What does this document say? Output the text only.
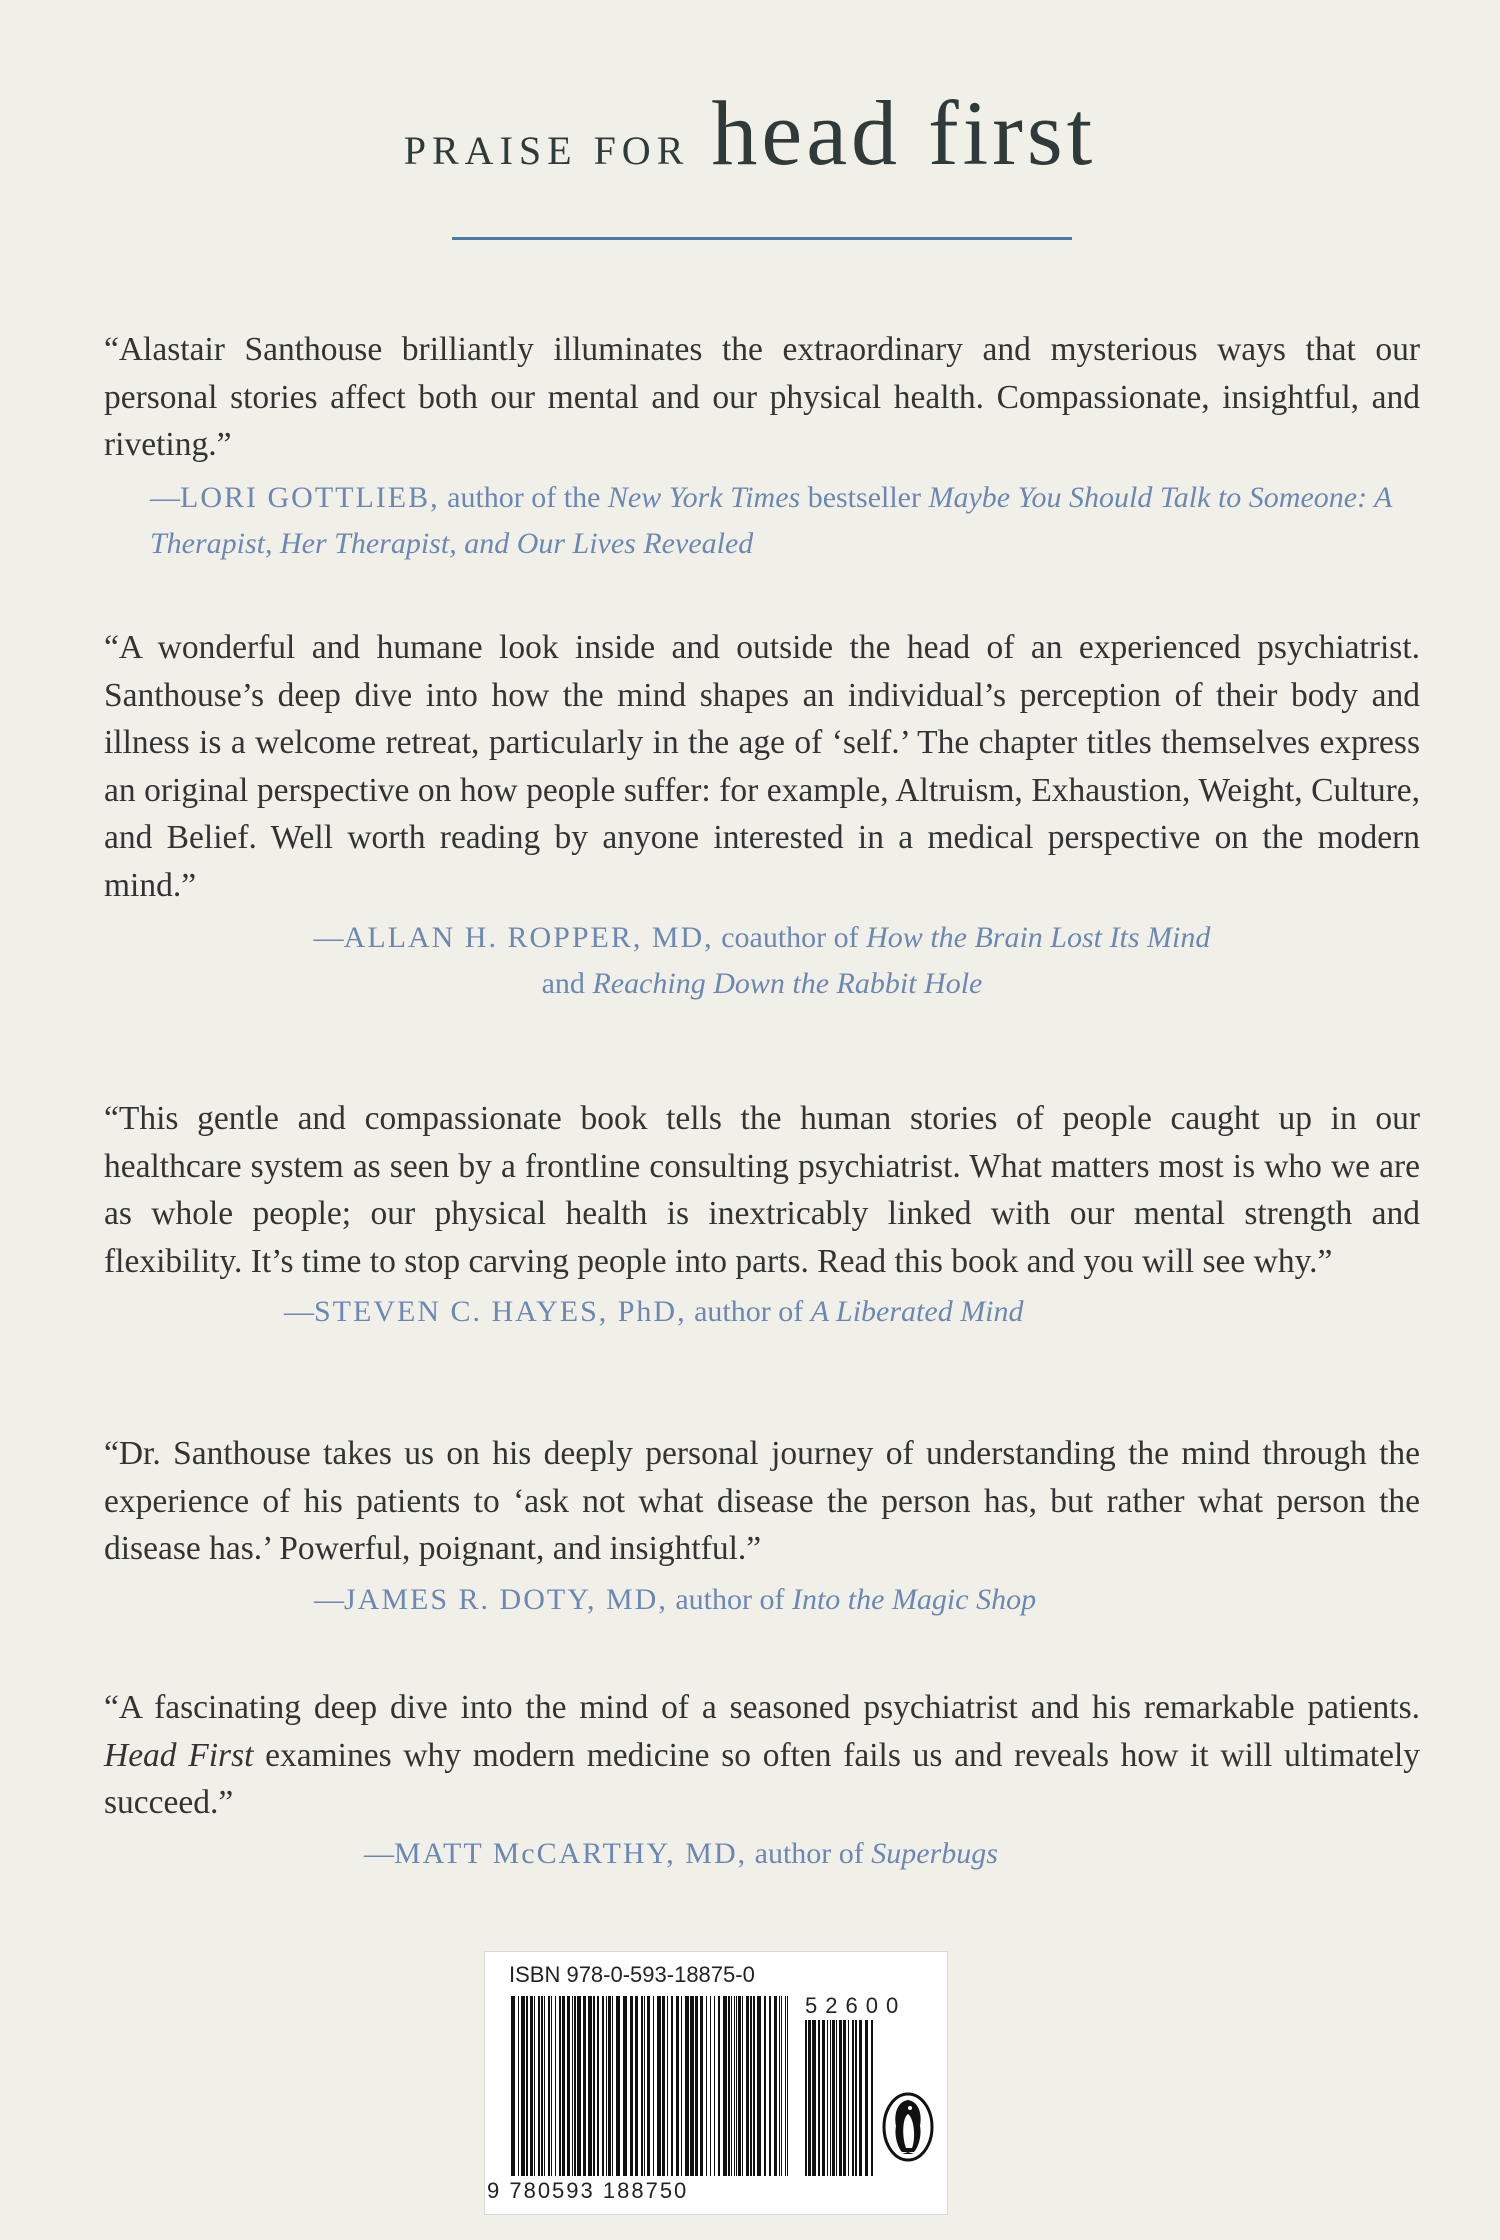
PRAISE FOR head first

“Alastair Santhouse brilliantly illuminates the extraordinary and mysterious ways that our personal stories affect both our mental and our physical health. Compassionate, insightful, and riveting.”

—LORI GOTTLIEB, author of the New York Times bestseller Maybe You Should Talk to Someone: A Therapist, Her Therapist, and Our Lives Revealed

“A wonderful and humane look inside and outside the head of an experienced psychiatrist. Santhouse’s deep dive into how the mind shapes an individual’s perception of their body and illness is a welcome retreat, particularly in the age of ‘self.’ The chapter titles themselves express an original perspective on how people suffer: for example, Altruism, Exhaustion, Weight, Culture, and Belief. Well worth reading by anyone interested in a medical perspective on the modern mind.”

—ALLAN H. ROPPER, MD, coauthor of How the Brain Lost Its Mind
and Reaching Down the Rabbit Hole

“This gentle and compassionate book tells the human stories of people caught up in our healthcare system as seen by a frontline consulting psychiatrist. What matters most is who we are as whole people; our physical health is inextricably linked with our mental strength and flexibility. It’s time to stop carving people into parts. Read this book and you will see why.”

—STEVEN C. HAYES, PhD, author of A Liberated Mind

“Dr. Santhouse takes us on his deeply personal journey of understanding the mind through the experience of his patients to ‘ask not what disease the person has, but rather what person the disease has.’ Powerful, poignant, and insightful.”

—JAMES R. DOTY, MD, author of Into the Magic Shop

“A fascinating deep dive into the mind of a seasoned psychiatrist and his remarkable patients. Head First examines why modern medicine so often fails us and reveals how it will ultimately succeed.”

—MATT McCARTHY, MD, author of Superbugs

ISBN 978-0-593-18875-0
52600
9 780593 188750
